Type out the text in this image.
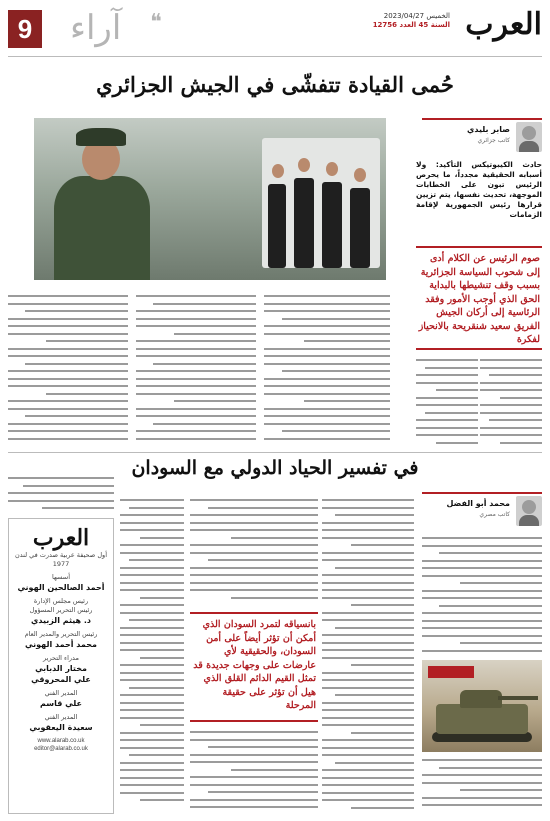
العرب
الخميس 2023/04/27
السنة 45 العدد 12756
9 آراء ❝
حُمى القيادة تتفشّى في الجيش الجزائري
صابر بليدي
كاتب جزائري
حادث الكيبوتيكس التأكيد: ولا أسبابه الحقيقية مجدداً، ما يحرص الرئيس تبون على الخطابات الموجهة، تحديث نفسها، يتم تزيين قرارها رئيس الجمهورية لإقامة الزمامات

صوم الرئيس عن الكلام أدى إلى شحوب السياسة الجزائرية بسبب وقف تنشيطها بالبداية الحق الذي أوجب الأمور وفقد الرئاسية إلى أركان الجيش الفريق سعيد شنقريحة بالانحياز لفكرة

في تفسير الحياد الدولي مع السودان
محمد أبو الفضل
كاتب مصري

بانسياقه لتمرد السودان الذي أمكن أن تؤثر أيضاً على أمن السودان، والحقيقية لأي عارضات على وجهات جديدة قد تمثل القيم الدائم القلق الذي هيل أن تؤثر على حقيقة المرحلة

العرب
أول صحيفة عربية صدرت في لندن
1977
أسسها
أحمد الصالحين الهوني
رئيس مجلس الإدارة
رئيس التحرير المسؤول
د. هيثم الزبيدي
رئيس التحرير والمدير العام
محمد أحمد الهوني
مدراء التحرير
مختار الدبابي
علي المحروقي
المدير الفني
علي قاسم
المدير الفني
سعيدة اليعقوبي
www.alarab.co.uk
editor@alarab.co.uk
